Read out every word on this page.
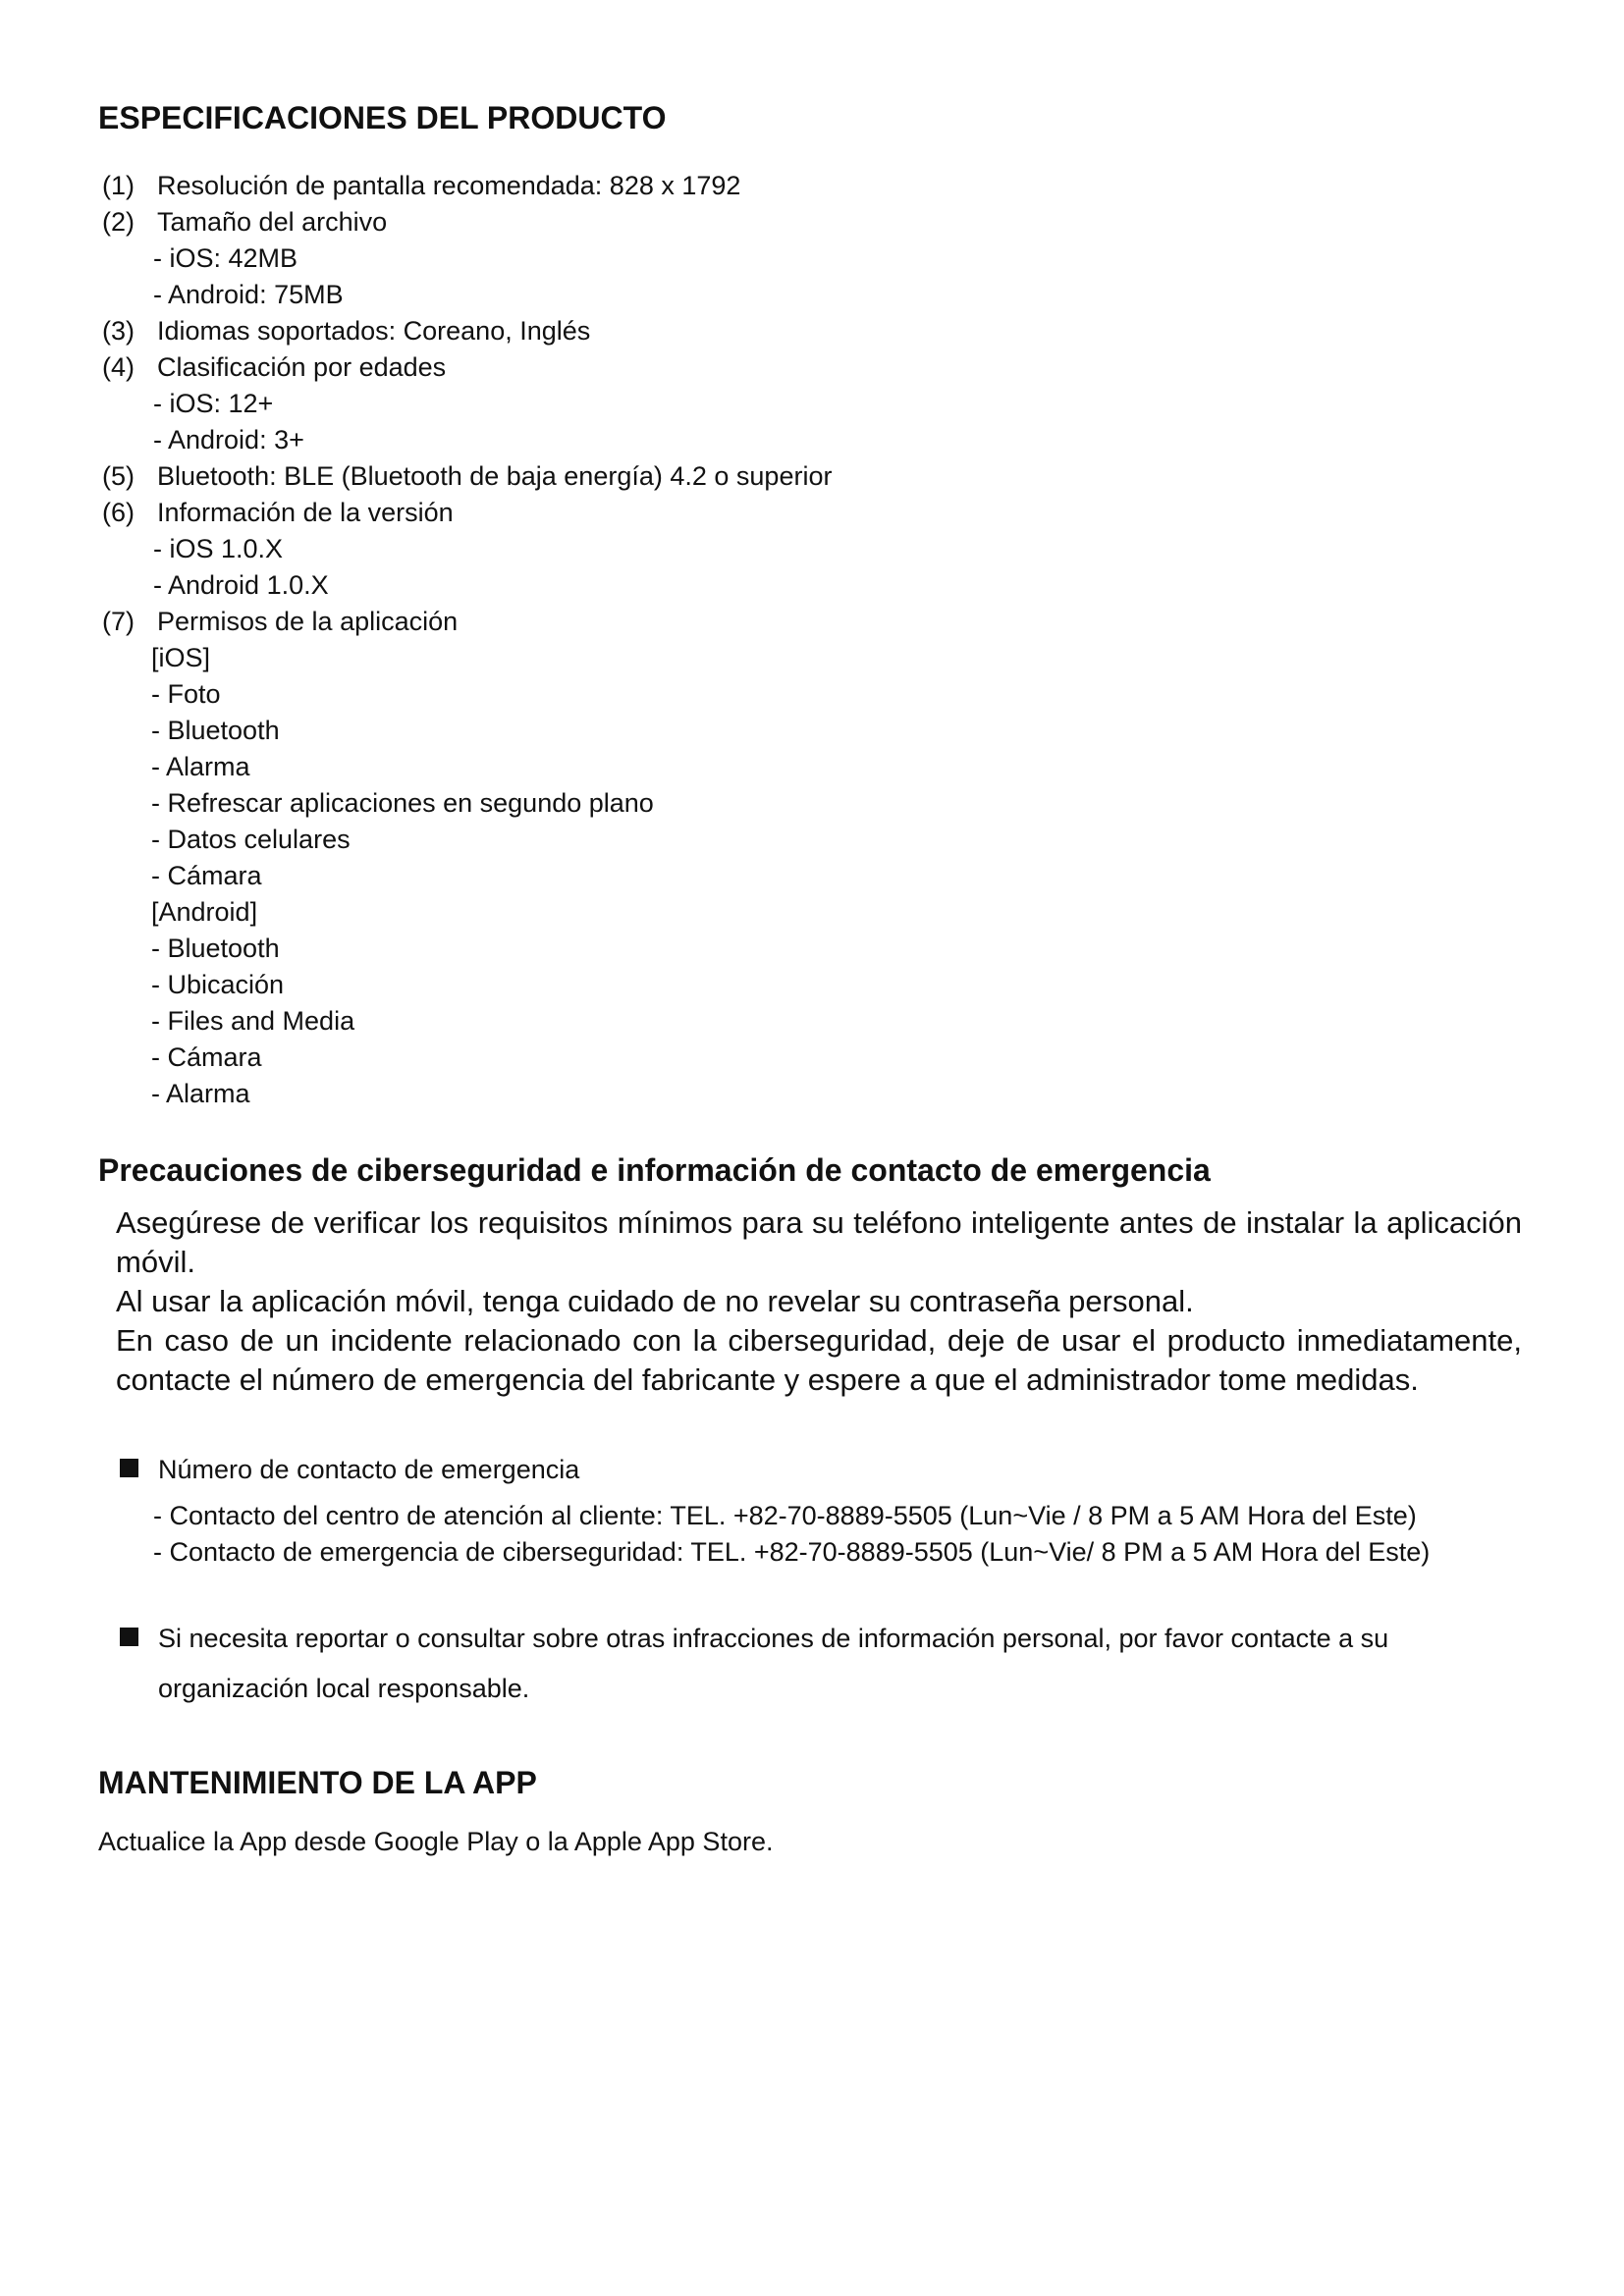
ESPECIFICACIONES DEL PRODUCTO
(1) Resolución de pantalla recomendada: 828 x 1792
(2) Tamaño del archivo
- iOS: 42MB
- Android: 75MB
(3) Idiomas soportados: Coreano, Inglés
(4) Clasificación por edades
- iOS: 12+
- Android: 3+
(5) Bluetooth: BLE (Bluetooth de baja energía) 4.2 o superior
(6) Información de la versión
- iOS 1.0.X
- Android 1.0.X
(7) Permisos de la aplicación
[iOS]
- Foto
- Bluetooth
- Alarma
- Refrescar aplicaciones en segundo plano
- Datos celulares
- Cámara
[Android]
- Bluetooth
- Ubicación
- Files and Media
- Cámara
- Alarma
Precauciones de ciberseguridad e información de contacto de emergencia
Asegúrese de verificar los requisitos mínimos para su teléfono inteligente antes de instalar la aplicación
móvil.
Al usar la aplicación móvil, tenga cuidado de no revelar su contraseña personal.
En caso de un incidente relacionado con la ciberseguridad, deje de usar el producto inmediatamente,
contacte el número de emergencia del fabricante y espere a que el administrador tome medidas.
Número de contacto de emergencia
- Contacto del centro de atención al cliente: TEL. +82-70-8889-5505 (Lun~Vie / 8 PM a 5 AM Hora del Este)
- Contacto de emergencia de ciberseguridad: TEL. +82-70-8889-5505 (Lun~Vie/ 8 PM a 5 AM Hora del Este)
Si necesita reportar o consultar sobre otras infracciones de información personal, por favor contacte a su
organización local responsable.
MANTENIMIENTO DE LA APP
Actualice la App desde Google Play o la Apple App Store.
